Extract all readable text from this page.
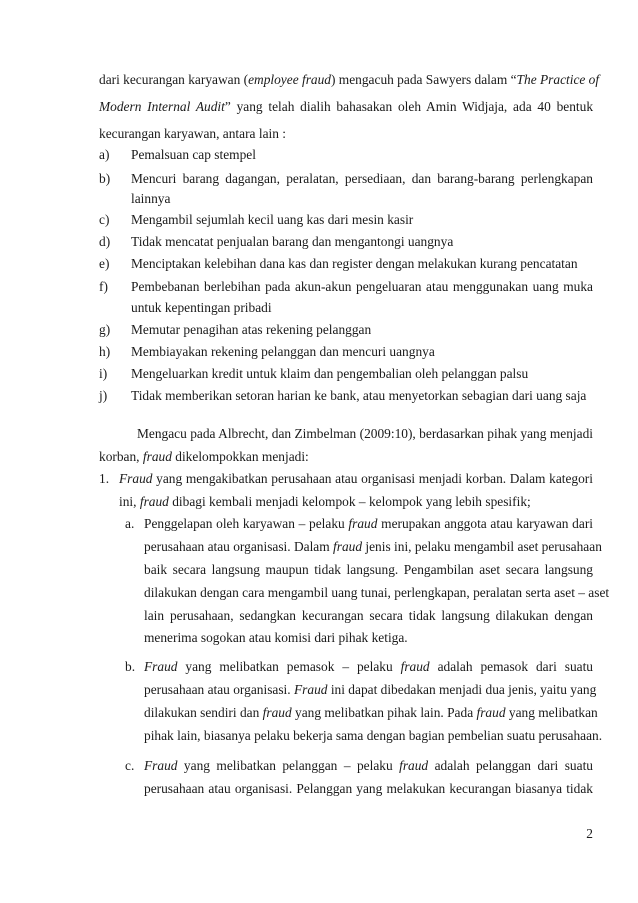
dari kecurangan karyawan (employee fraud) mengacuh pada Sawyers dalam “The Practice of
Modern Internal Audit” yang telah dialih bahasakan oleh Amin Widjaja, ada 40 bentuk
kecurangan karyawan, antara lain :
a) Pemalsuan cap stempel
b) Mencuri barang dagangan, peralatan, persediaan, dan barang-barang perlengkapan
lainnya
c) Mengambil sejumlah kecil uang kas dari mesin kasir
d) Tidak mencatat penjualan barang dan mengantongi uangnya
e) Menciptakan kelebihan dana kas dan register dengan melakukan kurang pencatatan
f) Pembebanan berlebihan pada akun-akun pengeluaran atau menggunakan uang muka
untuk kepentingan pribadi
g) Memutar penagihan atas rekening pelanggan
h) Membiayakan rekening pelanggan dan mencuri uangnya
i) Mengeluarkan kredit untuk klaim dan pengembalian oleh pelanggan palsu
j) Tidak memberikan setoran harian ke bank, atau menyetorkan sebagian dari uang saja
Mengacu pada Albrecht, dan Zimbelman (2009:10), berdasarkan pihak yang menjadi
korban, fraud dikelompokkan menjadi:
1. Fraud yang mengakibatkan perusahaan atau organisasi menjadi korban. Dalam kategori
ini, fraud dibagi kembali menjadi kelompok – kelompok yang lebih spesifik;
a. Penggelapan oleh karyawan – pelaku fraud merupakan anggota atau karyawan dari
perusahaan atau organisasi. Dalam fraud jenis ini, pelaku mengambil aset perusahaan
baik secara langsung maupun tidak langsung. Pengambilan aset secara langsung
dilakukan dengan cara mengambil uang tunai, perlengkapan, peralatan serta aset – aset
lain perusahaan, sedangkan kecurangan secara tidak langsung dilakukan dengan
menerima sogokan atau komisi dari pihak ketiga.
b. Fraud yang melibatkan pemasok – pelaku fraud adalah pemasok dari suatu
perusahaan atau organisasi. Fraud ini dapat dibedakan menjadi dua jenis, yaitu yang
dilakukan sendiri dan fraud yang melibatkan pihak lain. Pada fraud yang melibatkan
pihak lain, biasanya pelaku bekerja sama dengan bagian pembelian suatu perusahaan.
c. Fraud yang melibatkan pelanggan – pelaku fraud adalah pelanggan dari suatu
perusahaan atau organisasi. Pelanggan yang melakukan kecurangan biasanya tidak
2
